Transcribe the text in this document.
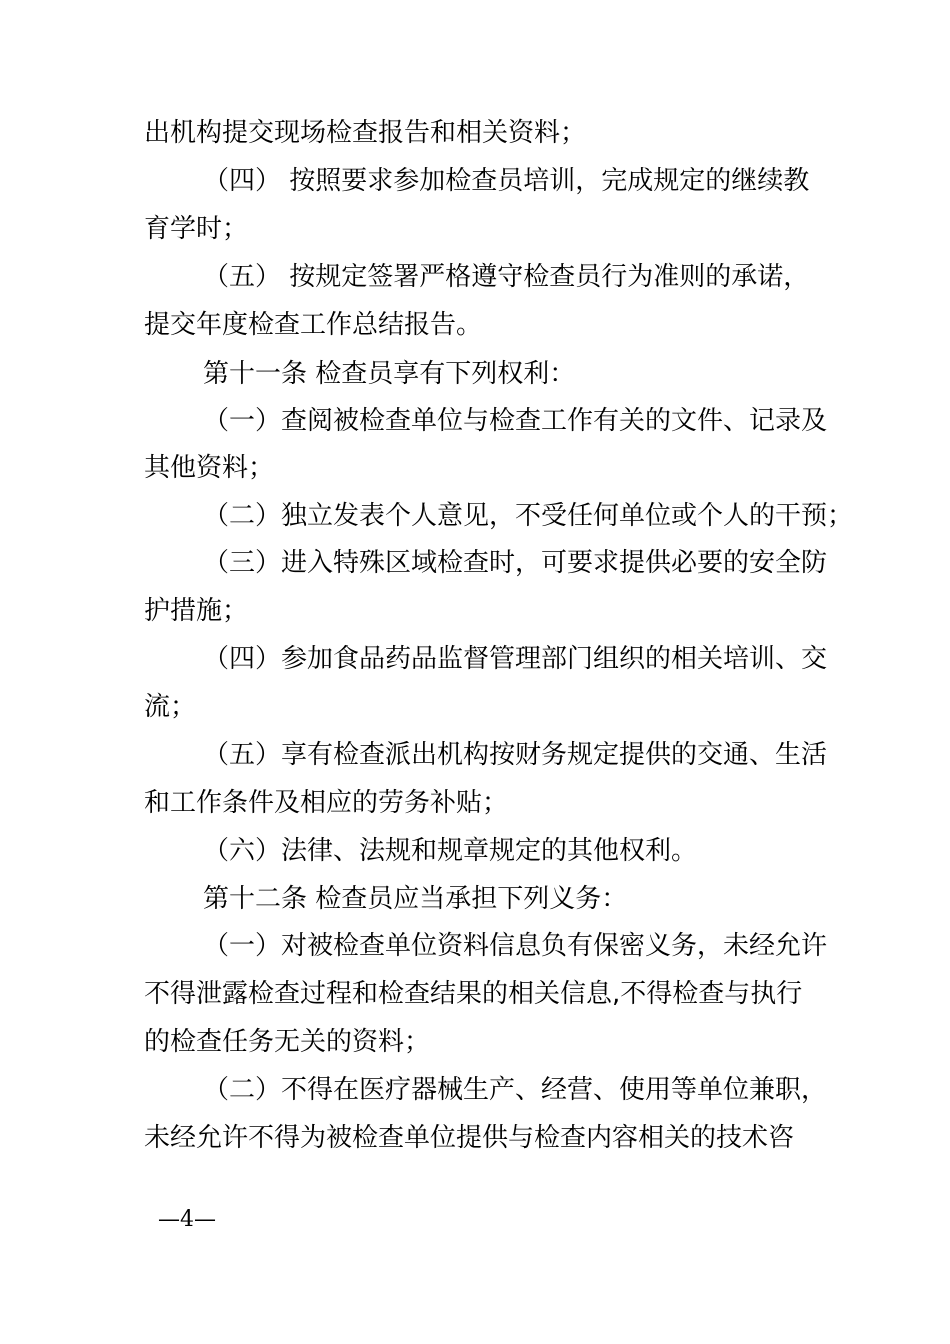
出机构提交现场检查报告和相关资料；
（四） 按照要求参加检查员培训，完成规定的继续教
育学时；
（五） 按规定签署严格遵守检查员行为准则的承诺，
提交年度检查工作总结报告。
第十一条 检查员享有下列权利：
（一）查阅被检查单位与检查工作有关的文件、记录及
其他资料；
（二）独立发表个人意见，不受任何单位或个人的干预；
（三）进入特殊区域检查时，可要求提供必要的安全防
护措施；
（四）参加食品药品监督管理部门组织的相关培训、交
流；
（五）享有检查派出机构按财务规定提供的交通、生活
和工作条件及相应的劳务补贴；
（六）法律、法规和规章规定的其他权利。
第十二条 检查员应当承担下列义务：
（一）对被检查单位资料信息负有保密义务，未经允许
不得泄露检查过程和检查结果的相关信息,不得检查与执行
的检查任务无关的资料；
（二）不得在医疗器械生产、经营、使用等单位兼职，
未经允许不得为被检查单位提供与检查内容相关的技术咨
—4—
